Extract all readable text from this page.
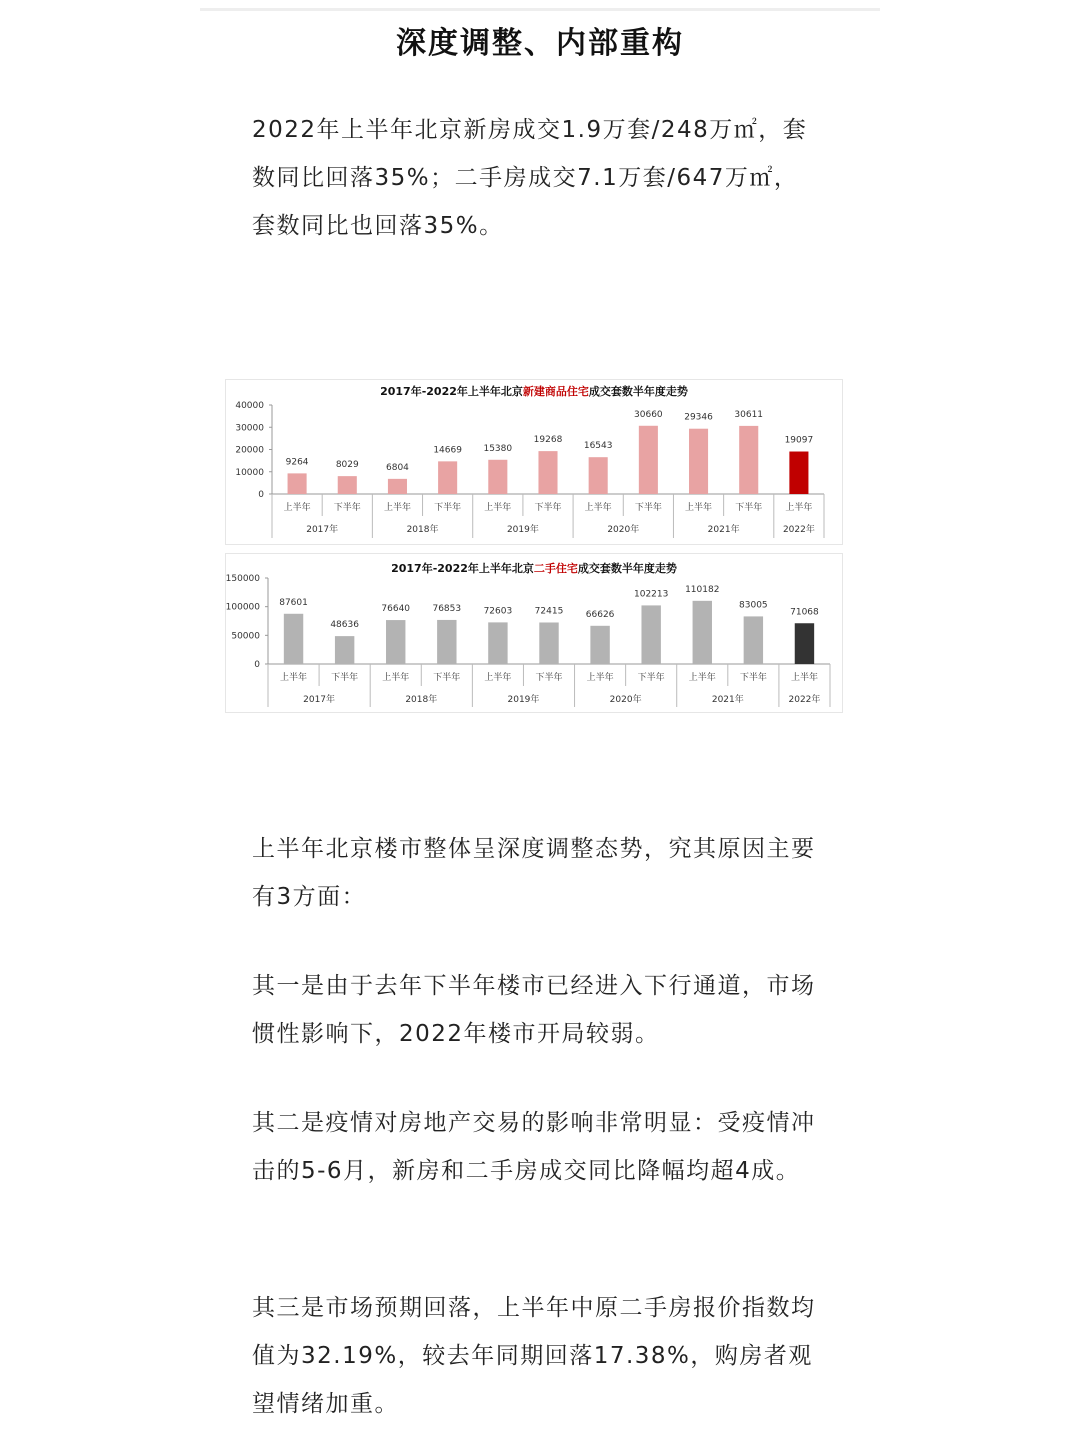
深度调整、内部重构

2022年上半年北京新房成交1.9万套/248万㎡，套数同比回落35%；二手房成交7.1万套/647万㎡，套数同比也回落35%。

2017年-2022年上半年北京新建商品住宅成交套数半年度走势
40000
30000
20000
10000
0
9264
上半年
8029
下半年
6804
上半年
14669
下半年
15380
上半年
19268
下半年
16543
上半年
30660
下半年
29346
上半年
30611
下半年
19097
上半年
2017年	2018年	2019年	2020年	2021年	2022年
2017年-2022年上半年北京二手住宅成交套数半年度走势
150000
100000
50000
0
87601
上半年
48636
下半年
76640
上半年
76853
下半年
72603
上半年
72415
下半年
66626
上半年
102213
下半年
110182
上半年
83005
下半年
71068
上半年
2017年	2018年	2019年	2020年	2021年	2022年

上半年北京楼市整体呈深度调整态势，究其原因主要有3方面：

其一是由于去年下半年楼市已经进入下行通道，市场惯性影响下，2022年楼市开局较弱。

其二是疫情对房地产交易的影响非常明显：受疫情冲击的5-6月，新房和二手房成交同比降幅均超4成。

其三是市场预期回落，上半年中原二手房报价指数均值为32.19%，较去年同期回落17.38%，购房者观望情绪加重。
